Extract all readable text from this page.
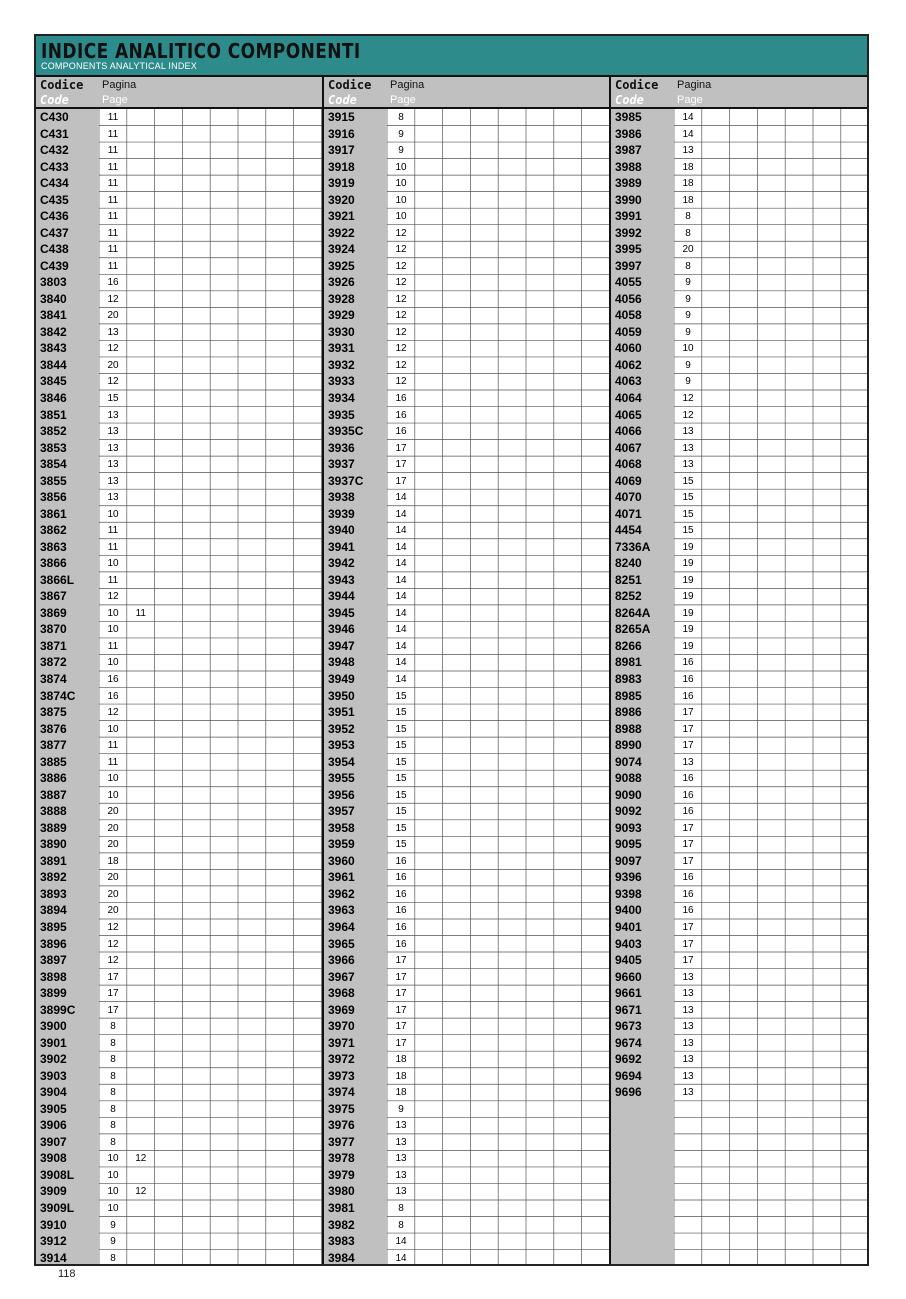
INDICE ANALITICO COMPONENTI
COMPONENTS ANALYTICAL INDEX
Codice
Code
Pagina
Page
C430	11
C431	11
C432	11
C433	11
C434	11
C435	11
C436	11
C437	11
C438	11
C439	11
3803	16
3840	12
3841	20
3842	13
3843	12
3844	20
3845	12
3846	15
3851	13
3852	13
3853	13
3854	13
3855	13
3856	13
3861	10
3862	11
3863	11
3866	10
3866L	11
3867	12
3869	10	11
3870	10
3871	11
3872	10
3874	16
3874C	16
3875	12
3876	10
3877	11
3885	11
3886	10
3887	10
3888	20
3889	20
3890	20
3891	18
3892	20
3893	20
3894	20
3895	12
3896	12
3897	12
3898	17
3899	17
3899C	17
3900	8
3901	8
3902	8
3903	8
3904	8
3905	8
3906	8
3907	8
3908	10	12
3908L	10
3909	10	12
3909L	10
3910	9
3912	9
3914	8
Codice
Code
Pagina
Page
3915	8
3916	9
3917	9
3918	10
3919	10
3920	10
3921	10
3922	12
3924	12
3925	12
3926	12
3928	12
3929	12
3930	12
3931	12
3932	12
3933	12
3934	16
3935	16
3935C	16
3936	17
3937	17
3937C	17
3938	14
3939	14
3940	14
3941	14
3942	14
3943	14
3944	14
3945	14
3946	14
3947	14
3948	14
3949	14
3950	15
3951	15
3952	15
3953	15
3954	15
3955	15
3956	15
3957	15
3958	15
3959	15
3960	16
3961	16
3962	16
3963	16
3964	16
3965	16
3966	17
3967	17
3968	17
3969	17
3970	17
3971	17
3972	18
3973	18
3974	18
3975	9
3976	13
3977	13
3978	13
3979	13
3980	13
3981	8
3982	8
3983	14
3984	14
Codice
Code
Pagina
Page
3985	14
3986	14
3987	13
3988	18
3989	18
3990	18
3991	8
3992	8
3995	20
3997	8
4055	9
4056	9
4058	9
4059	9
4060	10
4062	9
4063	9
4064	12
4065	12
4066	13
4067	13
4068	13
4069	15
4070	15
4071	15
4454	15
7336A	19
8240	19
8251	19
8252	19
8264A	19
8265A	19
8266	19
8981	16
8983	16
8985	16
8986	17
8988	17
8990	17
9074	13
9088	16
9090	16
9092	16
9093	17
9095	17
9097	17
9396	16
9398	16
9400	16
9401	17
9403	17
9405	17
9660	13
9661	13
9671	13
9673	13
9674	13
9692	13
9694	13
9696	13
118
